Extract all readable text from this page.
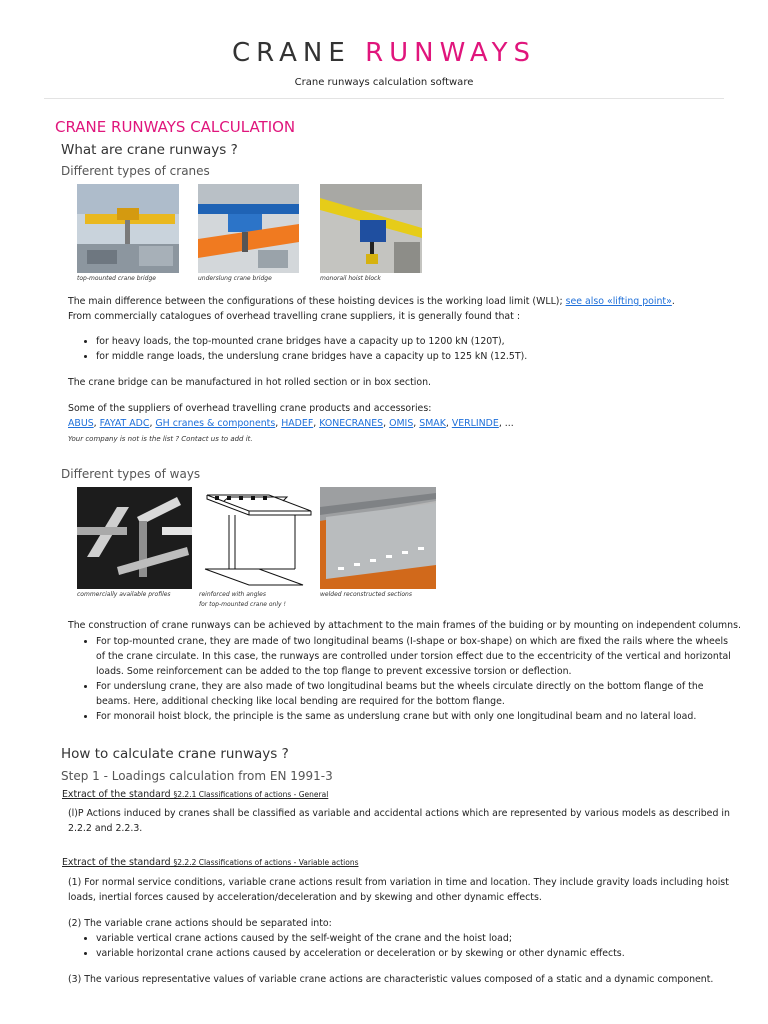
CRANE RUNWAYS
Crane runways calculation software
CRANE RUNWAYS CALCULATION
What are crane runways ?
Different types of cranes
top-mounted crane bridge	underslung crane bridge	monorail hoist block
The main difference between the configurations of these hoisting devices is the working load limit (WLL); see also «lifting point».
From commercially catalogues of overhead travelling crane suppliers, it is generally found that :
• for heavy loads, the top-mounted crane bridges have a capacity up to 1200 kN (120T),
• for middle range loads, the underslung crane bridges have a capacity up to 125 kN (12.5T).
The crane bridge can be manufactured in hot rolled section or in box section.
Some of the suppliers of overhead travelling crane products and accessories:
ABUS, FAYAT ADC, GH cranes & components, HADEF, KONECRANES, OMIS, SMAK, VERLINDE, ...
Your company is not is the list ? Contact us to add it.
Different types of ways
commercially available profiles	reinforced with angles
for top-mounted crane only !
welded reconstructed sections
The construction of crane runways can be achieved by attachment to the main frames of the buiding or by mounting on independent columns.
• For top-mounted crane, they are made of two longitudinal beams (I-shape or box-shape) on which are fixed the rails where the wheels of the crane circulate. In this case, the runways are controlled under torsion effect due to the eccentricity of the vertical and horizontal loads. Some reinforcement can be added to the top flange to prevent excessive torsion or deflection.
• For underslung crane, they are also made of two longitudinal beams but the wheels circulate directly on the bottom flange of the beams. Here, additional checking like local bending are required for the bottom flange.
• For monorail hoist block, the principle is the same as underslung crane but with only one longitudinal beam and no lateral load.
How to calculate crane runways ?
Step 1 - Loadings calculation from EN 1991-3
Extract of the standard §2.2.1 Classifications of actions - General
(l)P Actions induced by cranes shall be classified as variable and accidental actions which are represented by various models as described in 2.2.2 and 2.2.3.
Extract of the standard §2.2.2 Classifications of actions - Variable actions
(1) For normal service conditions, variable crane actions result from variation in time and location. They include gravity loads including hoist loads, inertial forces caused by acceleration/deceleration and by skewing and other dynamic effects.
(2) The variable crane actions should be separated into:
• variable vertical crane actions caused by the self-weight of the crane and the hoist load;
• variable horizontal crane actions caused by acceleration or deceleration or by skewing or other dynamic effects.
(3) The various representative values of variable crane actions are characteristic values composed of a static and a dynamic component.
